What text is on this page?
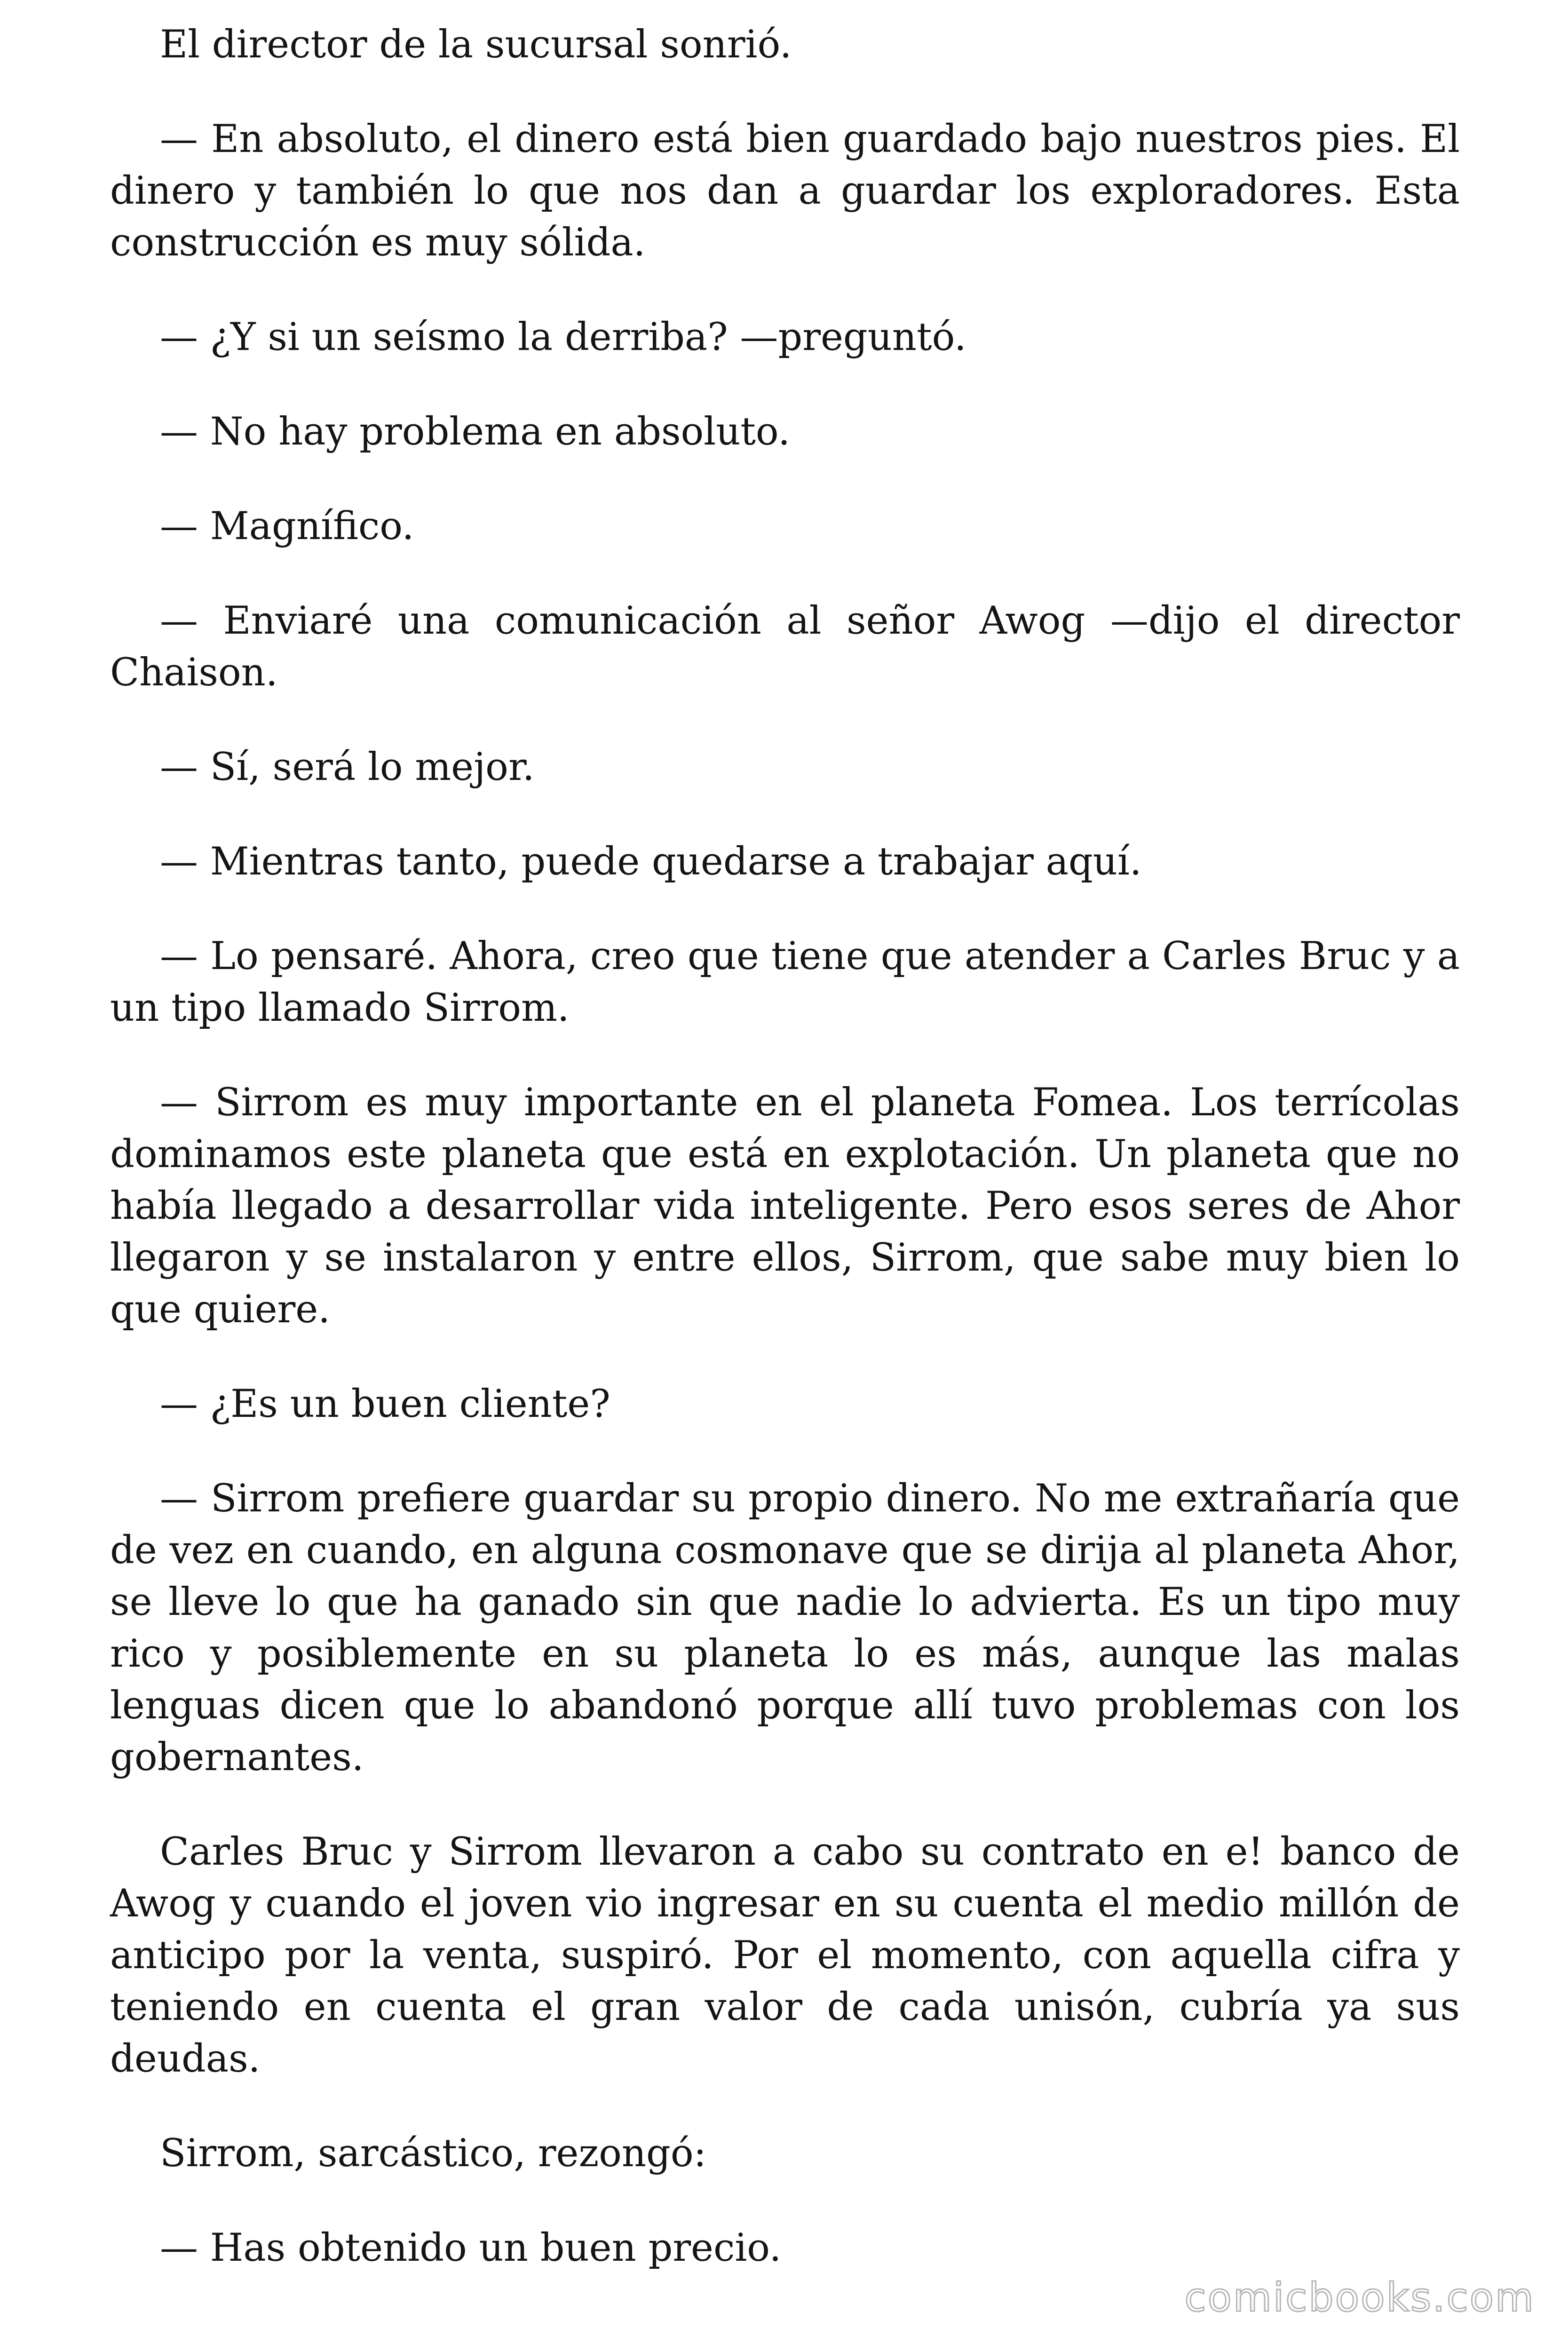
El director de la sucursal sonrió.

— En absoluto, el dinero está bien guardado bajo nuestros pies. El dinero y también lo que nos dan a guardar los exploradores. Esta construcción es muy sólida.

— ¿Y si un seísmo la derriba? —preguntó.

— No hay problema en absoluto.

— Magnífico.

— Enviaré una comunicación al señor Awog —dijo el director Chaison.

— Sí, será lo mejor.

— Mientras tanto, puede quedarse a trabajar aquí.

— Lo pensaré. Ahora, creo que tiene que atender a Carles Bruc y a un tipo llamado Sirrom.

— Sirrom es muy importante en el planeta Fomea. Los terrícolas dominamos este planeta que está en explotación. Un planeta que no había llegado a desarrollar vida inteligente. Pero esos seres de Ahor llegaron y se instalaron y entre ellos, Sirrom, que sabe muy bien lo que quiere.

— ¿Es un buen cliente?

— Sirrom prefiere guardar su propio dinero. No me extrañaría que de vez en cuando, en alguna cosmonave que se dirija al planeta Ahor, se lleve lo que ha ganado sin que nadie lo advierta. Es un tipo muy rico y posiblemente en su planeta lo es más, aunque las malas lenguas dicen que lo abandonó porque allí tuvo problemas con los gobernantes.

Carles Bruc y Sirrom llevaron a cabo su contrato en e! banco de Awog y cuando el joven vio ingresar en su cuenta el medio millón de anticipo por la venta, suspiró. Por el momento, con aquella cifra y teniendo en cuenta el gran valor de cada unisón, cubría ya sus deudas.

Sirrom, sarcástico, rezongó:

— Has obtenido un buen precio.

comicbooks.com
